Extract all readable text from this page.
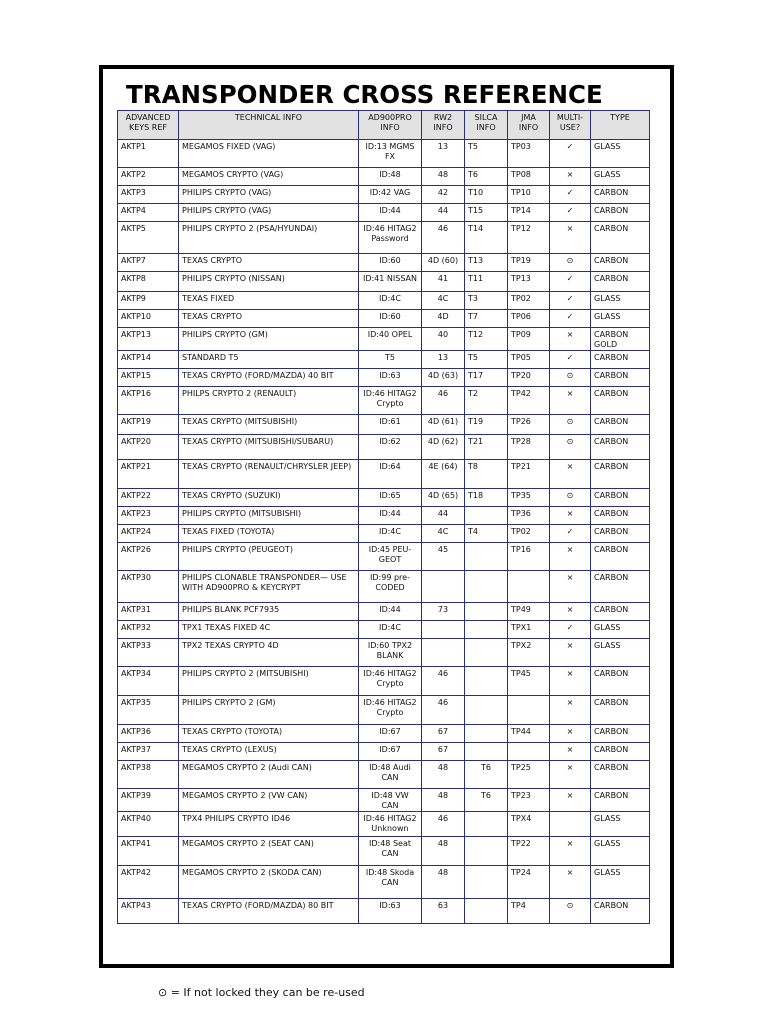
TRANSPONDER CROSS REFERENCE
ADVANCED KEYS REF	TECHNICAL INFO	AD900PRO INFO	RW2 INFO	SILCA INFO	JMA INFO	MULTI-USE?	TYPE
AKTP1	MEGAMOS FIXED (VAG)	ID:13 MGMS FX	13	T5	TP03	✓	GLASS
AKTP2	MEGAMOS CRYPTO (VAG)	ID:48	48	T6	TP08	×	GLASS
AKTP3	PHILIPS CRYPTO (VAG)	ID:42 VAG	42	T10	TP10	✓	CARBON
AKTP4	PHILIPS CRYPTO (VAG)	ID:44	44	T15	TP14	✓	CARBON
AKTP5	PHILIPS CRYPTO 2 (PSA/HYUNDAI)	ID:46 HITAG2 Password	46	T14	TP12	×	CARBON
AKTP7	TEXAS CRYPTO	ID:60	4D (60)	T13	TP19	⊙	CARBON
AKTP8	PHILIPS CRYPTO (NISSAN)	ID:41 NISSAN	41	T11	TP13	✓	CARBON
AKTP9	TEXAS FIXED	ID:4C	4C	T3	TP02	✓	GLASS
AKTP10	TEXAS CRYPTO	ID:60	4D	T7	TP06	✓	GLASS
AKTP13	PHILIPS CRYPTO (GM)	ID:40 OPEL	40	T12	TP09	×	CARBON GOLD
AKTP14	STANDARD T5	T5	13	T5	TP05	✓	CARBON
AKTP15	TEXAS CRYPTO (FORD/MAZDA) 40 BIT	ID:63	4D (63)	T17	TP20	⊙	CARBON
AKTP16	PHILPS CRYPTO 2 (RENAULT)	ID:46 HITAG2 Crypto	46	T2	TP42	×	CARBON
AKTP19	TEXAS CRYPTO (MITSUBISHI)	ID:61	4D (61)	T19	TP26	⊙	CARBON
AKTP20	TEXAS CRYPTO (MITSUBISHI/SUBARU)	ID:62	4D (62)	T21	TP28	⊙	CARBON
AKTP21	TEXAS CRYPTO (RENAULT/CHRYSLER JEEP)	ID:64	4E (64)	T8	TP21	×	CARBON
AKTP22	TEXAS CRYPTO (SUZUKI)	ID:65	4D (65)	T18	TP35	⊙	CARBON
AKTP23	PHILIPS CRYPTO (MITSUBISHI)	ID:44	44		TP36	×	CARBON
AKTP24	TEXAS FIXED (TOYOTA)	ID:4C	4C	T4	TP02	✓	CARBON
AKTP26	PHILIPS CRYPTO (PEUGEOT)	ID:45 PEU-GEOT	45		TP16	×	CARBON
AKTP30	PHILIPS CLONABLE TRANSPONDER— USE WITH AD900PRO & KEYCRYPT	ID:99 pre-CODED				×	CARBON
AKTP31	PHILIPS BLANK PCF7935	ID:44	73		TP49	×	CARBON
AKTP32	TPX1 TEXAS FIXED 4C	ID:4C			TPX1	✓	GLASS
AKTP33	TPX2 TEXAS CRYPTO 4D	ID:60 TPX2 BLANK			TPX2	×	GLASS
AKTP34	PHILIPS CRYPTO 2 (MITSUBISHI)	ID:46 HITAG2 Crypto	46		TP45	×	CARBON
AKTP35	PHILIPS CRYPTO 2 (GM)	ID:46 HITAG2 Crypto	46			×	CARBON
AKTP36	TEXAS CRYPTO (TOYOTA)	ID:67	67		TP44	×	CARBON
AKTP37	TEXAS CRYPTO (LEXUS)	ID:67	67			×	CARBON
AKTP38	MEGAMOS CRYPTO 2 (Audi CAN)	ID:48 Audi CAN	48	T6	TP25	×	CARBON
AKTP39	MEGAMOS CRYPTO 2 (VW CAN)	ID:48 VW CAN	48	T6	TP23	×	CARBON
AKTP40	TPX4 PHILIPS CRYPTO ID46	ID:46 HITAG2 Unknown	46		TPX4		GLASS
AKTP41	MEGAMOS CRYPTO 2 (SEAT CAN)	ID:48 Seat CAN	48		TP22	×	GLASS
AKTP42	MEGAMOS CRYPTO 2 (SKODA CAN)	ID:48 Skoda CAN	48		TP24	×	GLASS
AKTP43	TEXAS CRYPTO (FORD/MAZDA) 80 BIT	ID:63	63		TP4	⊙	CARBON
⊙ = If not locked they can be re-used
